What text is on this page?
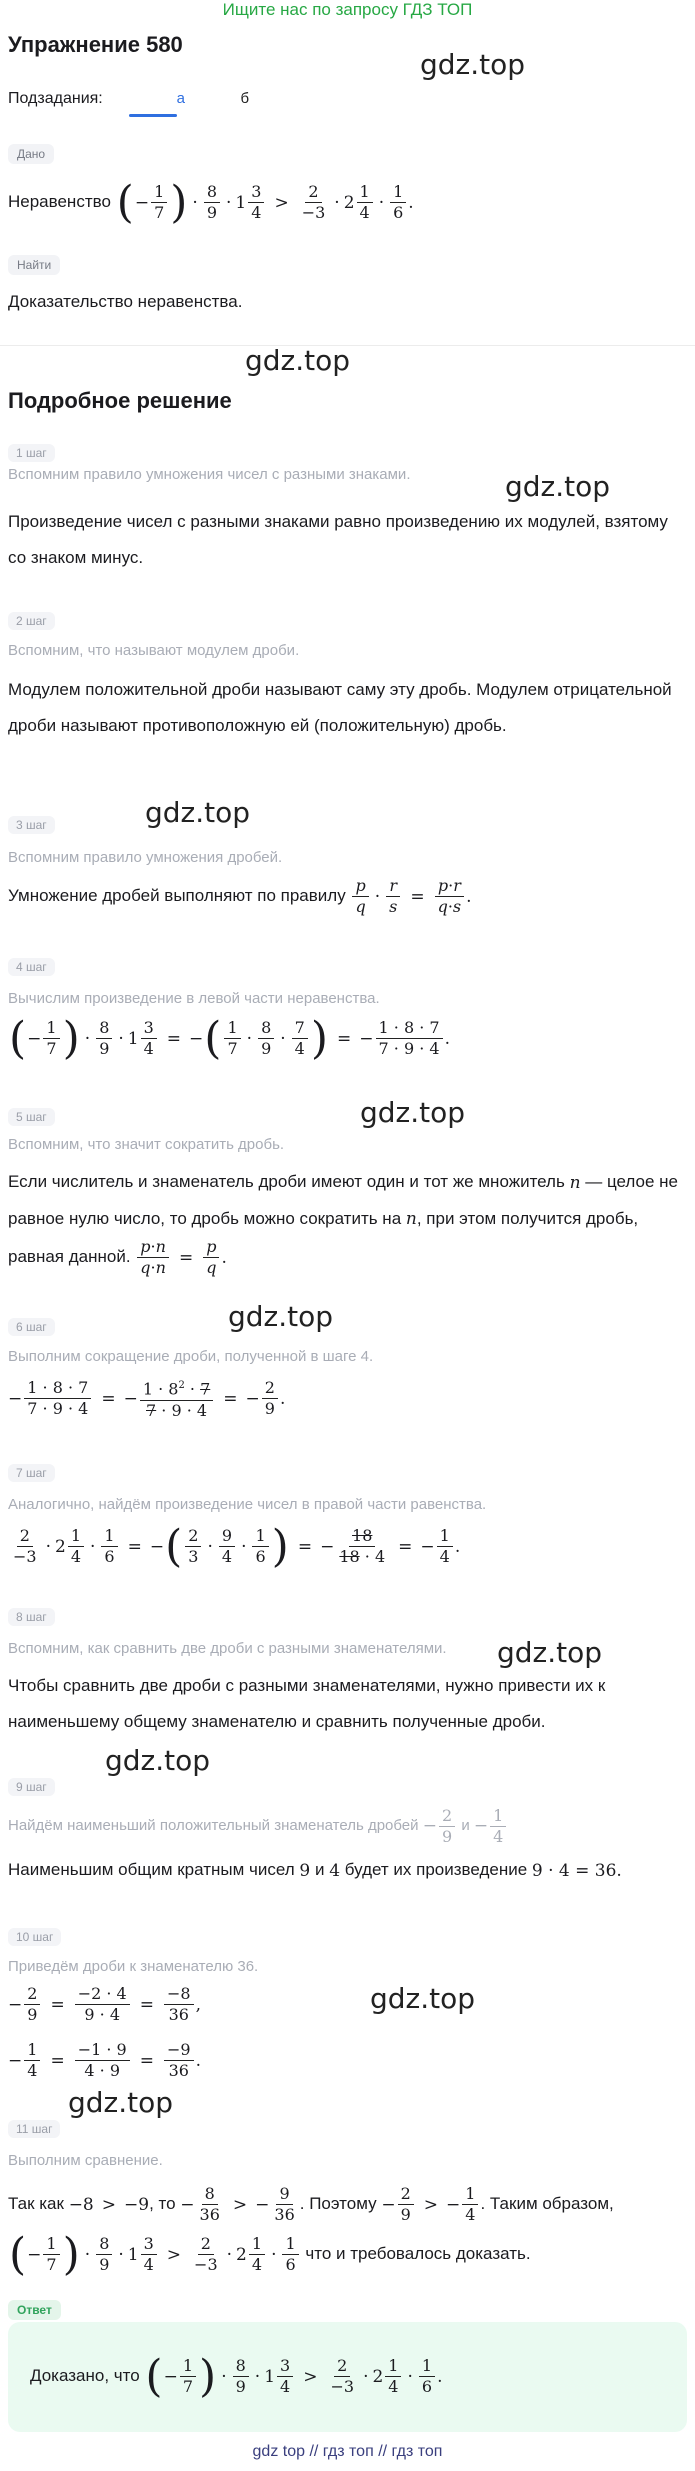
Ищите нас по запросу ГДЗ ТОП
Упражнение 580
gdz.top
Подзадания:	а	б
Дано
Неравенство ( − $\frac{1}{7}$ ) · $\frac{8}{9} \cdot 1 \frac{3}{4} > \frac{2}{-3} \cdot 2 \frac{1}{4} \cdot \frac{1}{6}$ .
Найти
Доказательство неравенства.
gdz.top
Подробное решение
1 шаг
Вспомним правило умножения чисел с разными знаками.	gdz.top
Произведение чисел с разными знаками равно произведению их модулей, взятому со знаком минус.
2 шаг
Вспомним, что называют модулем дроби.
Модулем положительной дроби называют саму эту дробь. Модулем отрицательной дроби называют противоположную ей (положительную) дробь.
gdz.top
3 шаг
Вспомним правило умножения дробей.
Умножение дробей выполняют по правилу $\frac{p}{q} \cdot \frac{r}{s} = \frac{p\cdot r}{q\cdot s}$ .
4 шаг
Вычислим произведение в левой части неравенства.
( − $\frac{1}{7}$ ) · $\frac{8}{9} \cdot 1 \frac{3}{4}$ = − ( $\frac{1}{7} \cdot \frac{8}{9} \cdot \frac{7}{4}$ ) = − $\frac{1 \cdot 8 \cdot 7}{7 \cdot 9 \cdot 4}$ .
5 шаг	gdz.top
Вспомним, что значит сократить дробь.
Если числитель и знаменатель дроби имеют один и тот же множитель n — целое не равное нулю число, то дробь можно сократить на n , при этом получится дробь, равная данной. $\frac{p\cdot n}{q\cdot n} = \frac{p}{q}$ .
gdz.top
6 шаг
Выполним сокращение дроби, полученной в шаге 4.
− $\frac{1 \cdot 8 \cdot 7}{7 \cdot 9 \cdot 4}$ = − $\frac{1 \cdot 8^2 \cdot 7}{7 \cdot 9 \cdot 4}$ = − $\frac{2}{9}$ .
7 шаг
Аналогично, найдём произведение чисел в правой части равенства.
$\frac{2}{-3} \cdot 2 \frac{1}{4} \cdot \frac{1}{6}$ = − ( $\frac{2}{3} \cdot \frac{9}{4} \cdot \frac{1}{6}$ ) = − $\frac{18}{18 \cdot 4}$ = − $\frac{1}{4}$ .
8 шаг
Вспомним, как сравнить две дроби с разными знаменателями. gdz.top
Чтобы сравнить две дроби с разными знаменателями, нужно привести их к наименьшему общему знаменателю и сравнить полученные дроби.
gdz.top
9 шаг
Найдём наименьший положительный знаменатель дробей − $\frac{2}{9}$ $и - \frac{1}{4}$
Наименьшим общим кратным чисел 9 и 4 будет их произведение 9 · 4 = 36.
10 шаг
Приведём дроби к знаменателю 36.
gdz.top
− $\frac{2}{9} = \frac{-2 \cdot 4}{9 \cdot 4} = \frac{-8}{36}$ ,
− $\frac{1}{4} = \frac{-1 \cdot 9}{4 \cdot 9} = \frac{-9}{36}$ .
gdz.top
11 шаг
Выполним сравнение.
Так как −8 > −9, то − $\frac{8}{36}$ > − $\frac{9}{36}$ . Поэтому − $\frac{2}{9}$ > − $\frac{1}{4}$ . Таким образом,
( − $\frac{1}{7}$ ) · $\frac{8}{9} \cdot 1 \frac{3}{4} > \frac{2}{-3} \cdot 2 \frac{1}{4} \cdot \frac{1}{6}$ что и требовалось доказать.
Ответ
Доказано, что ( − $\frac{1}{7}$ ) · $\frac{8}{9} \cdot 1 \frac{3}{4} > \frac{2}{-3} \cdot 2 \frac{1}{4} \cdot \frac{1}{6}$ .
gdz top // гдз топ // гдз топ
